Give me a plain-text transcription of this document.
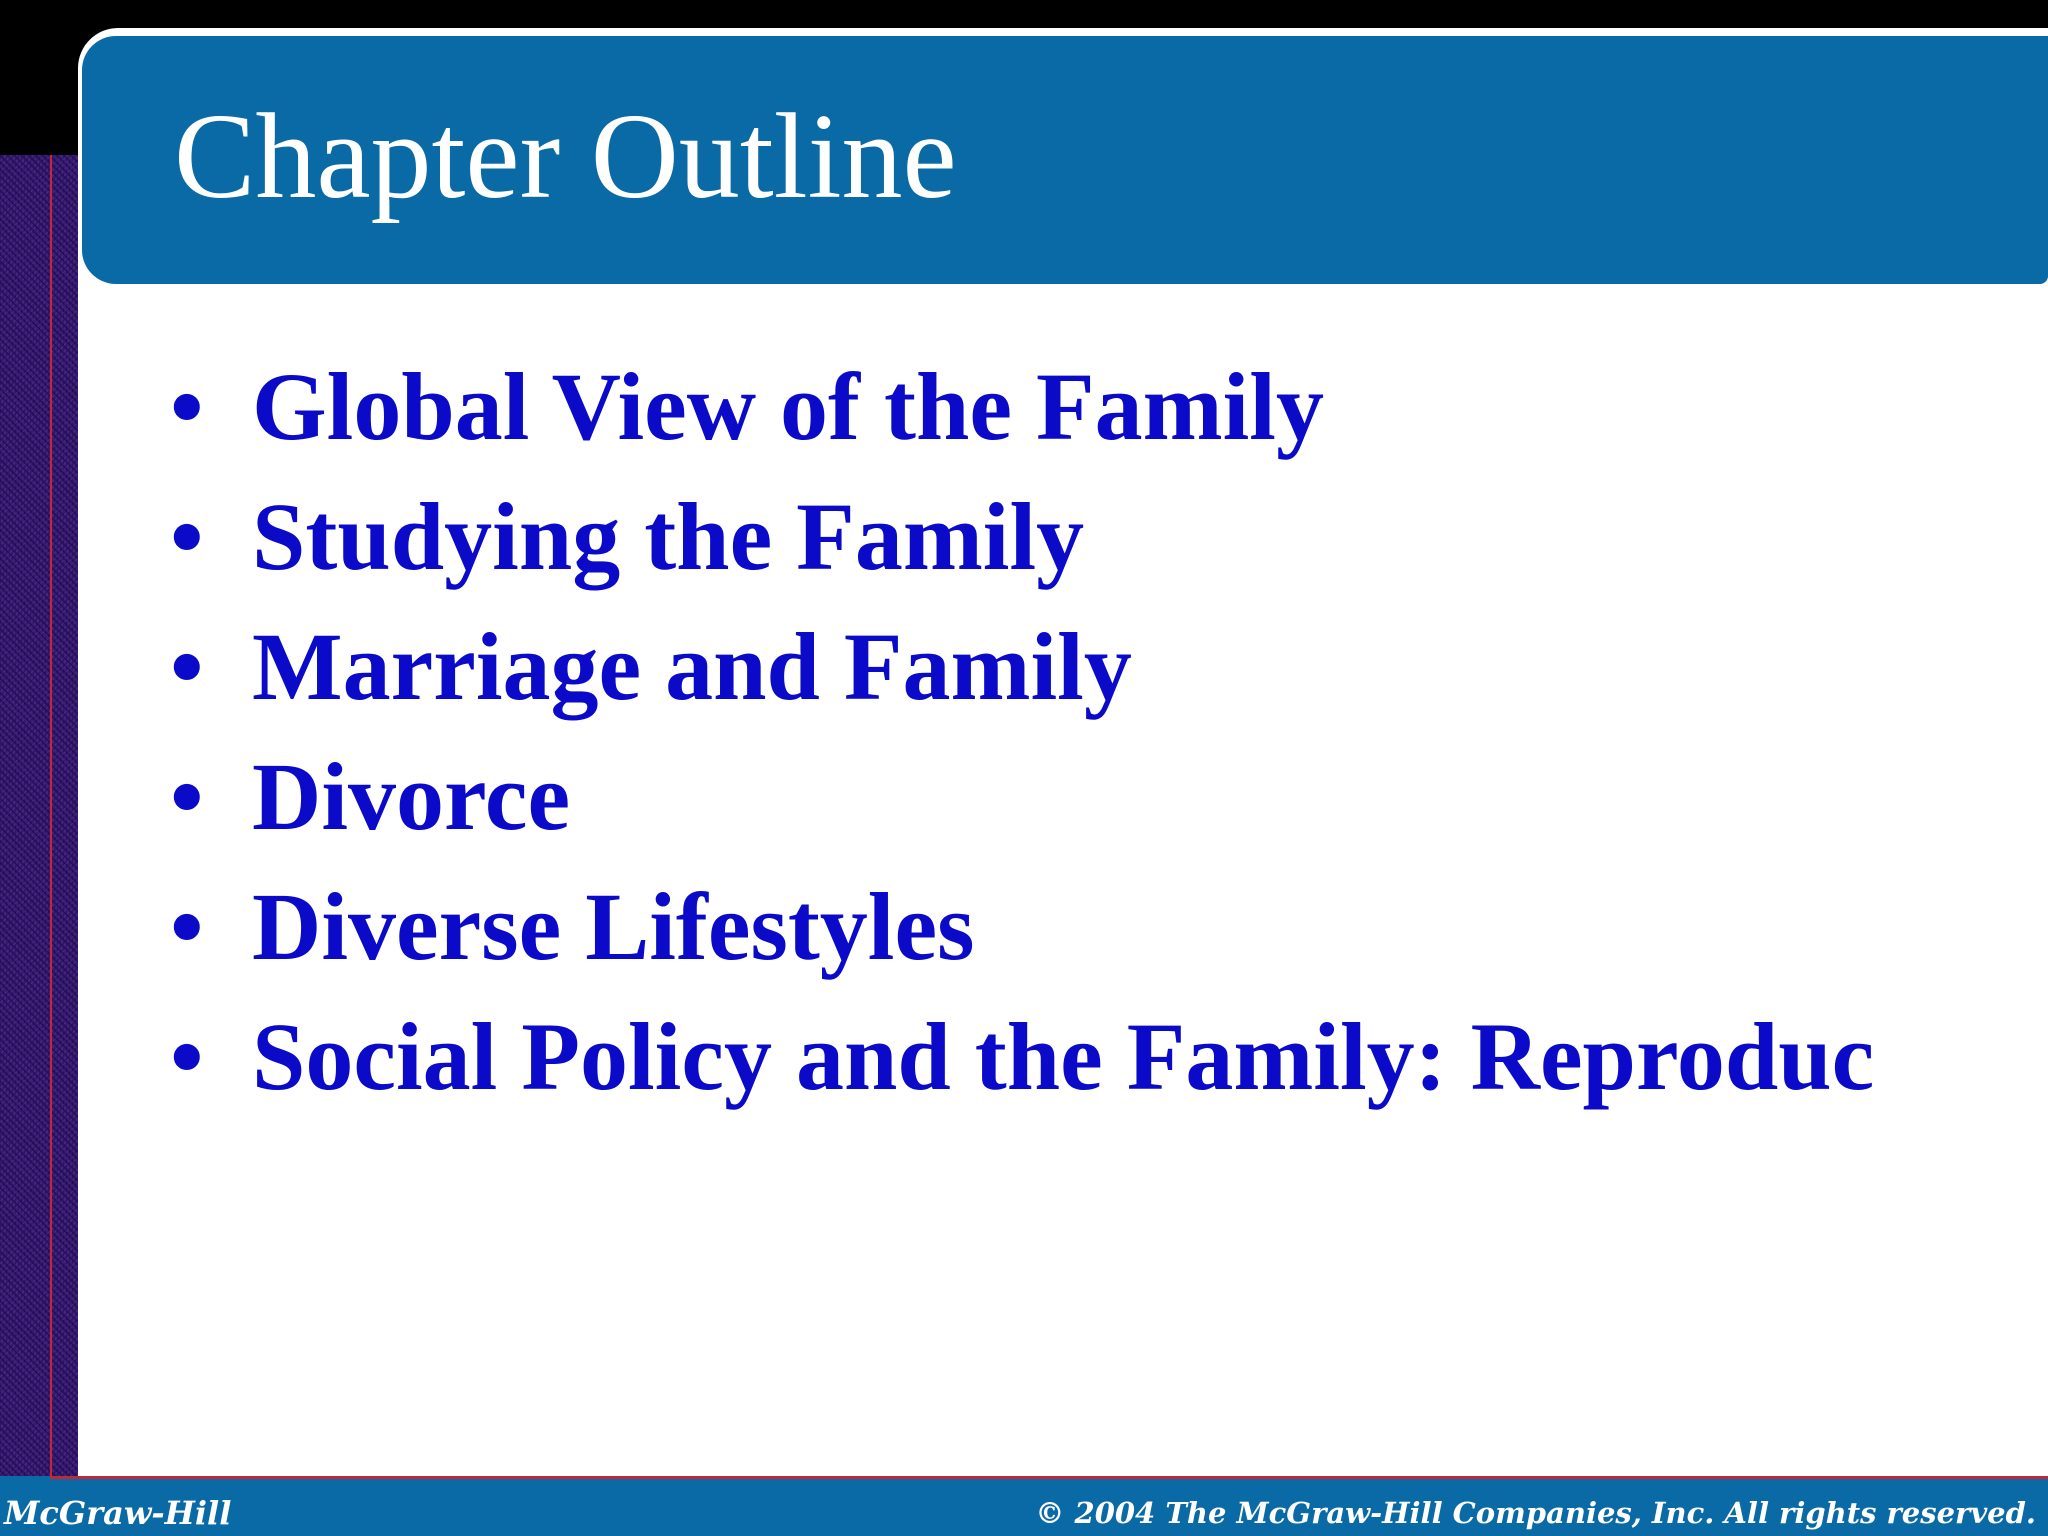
Chapter Outline
• Global View of the Family
• Studying the Family
• Marriage and Family
• Divorce
• Diverse Lifestyles
• Social Policy and the Family: Reproduc
McGraw-Hill	© 2004 The McGraw-Hill Companies, Inc. All rights reserved.
